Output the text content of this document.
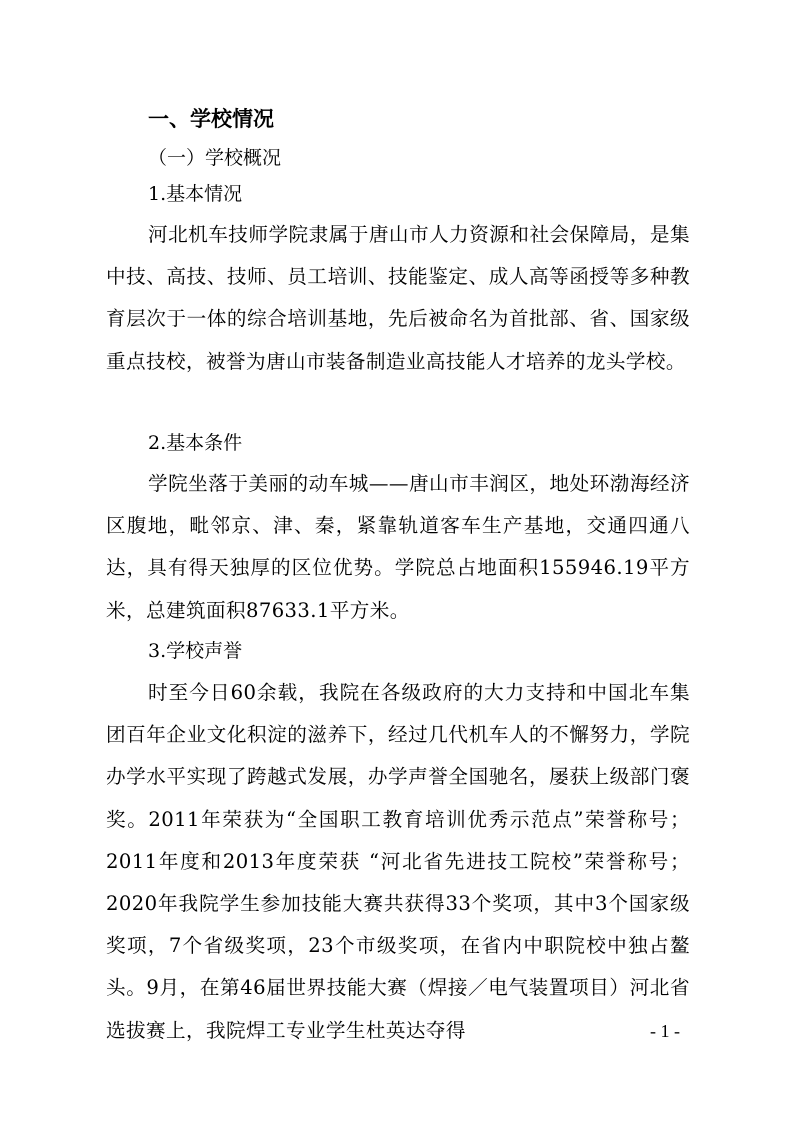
一、学校情况
（一）学校概况
1.基本情况

河北机车技师学院隶属于唐山市人力资源和社会保障局，是集中技、高技、技师、员工培训、技能鉴定、成人高等函授等多种教育层次于一体的综合培训基地，先后被命名为首批部、省、国家级重点技校，被誉为唐山市装备制造业高技能人才培养的龙头学校。

2.基本条件

学院坐落于美丽的动车城——唐山市丰润区，地处环渤海经济区腹地，毗邻京、津、秦，紧靠轨道客车生产基地，交通四通八达，具有得天独厚的区位优势。学院总占地面积155946.19平方米，总建筑面积87633.1平方米。

3.学校声誉

时至今日60余载，我院在各级政府的大力支持和中国北车集团百年企业文化积淀的滋养下，经过几代机车人的不懈努力，学院办学水平实现了跨越式发展，办学声誉全国驰名，屡获上级部门褒奖。2011年荣获为“全国职工教育培训优秀示范点”荣誉称号；2011年度和2013年度荣获 “河北省先进技工院校”荣誉称号；2020年我院学生参加技能大赛共获得33个奖项，其中3个国家级奖项，7个省级奖项，23个市级奖项，在省内中职院校中独占鳌头。9月，在第46届世界技能大赛（焊接／电气装置项目）河北省选拔赛上，我院焊工专业学生杜英达夺得	- 1 -
